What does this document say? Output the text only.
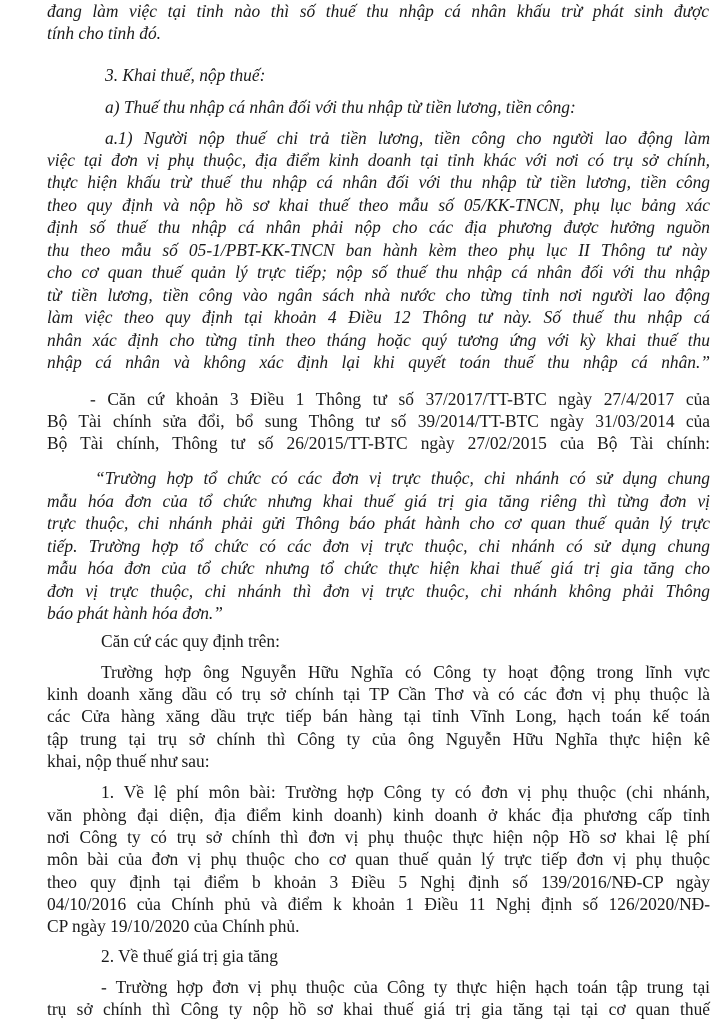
đang làm việc tại tỉnh nào thì số thuế thu nhập cá nhân khấu trừ phát sinh được
tính cho tỉnh đó.
3. Khai thuế, nộp thuế:
a) Thuế thu nhập cá nhân đối với thu nhập từ tiền lương, tiền công:
a.1) Người nộp thuế chi trả tiền lương, tiền công cho người lao động làm
việc tại đơn vị phụ thuộc, địa điểm kinh doanh tại tỉnh khác với nơi có trụ sở chính,
thực hiện khấu trừ thuế thu nhập cá nhân đối với thu nhập từ tiền lương, tiền công
theo quy định và nộp hồ sơ khai thuế theo mẫu số 05/KK-TNCN, phụ lục bảng xác
định số thuế thu nhập cá nhân phải nộp cho các địa phương được hưởng nguồn
thu theo mẫu số 05-1/PBT-KK-TNCN ban hành kèm theo phụ lục II Thông tư này
cho cơ quan thuế quản lý trực tiếp; nộp số thuế thu nhập cá nhân đối với thu nhập
từ tiền lương, tiền công vào ngân sách nhà nước cho từng tỉnh nơi người lao động
làm việc theo quy định tại khoản 4 Điều 12 Thông tư này. Số thuế thu nhập cá
nhân xác định cho từng tỉnh theo tháng hoặc quý tương ứng với kỳ khai thuế thu
nhập cá nhân và không xác định lại khi quyết toán thuế thu nhập cá nhân.”
- Căn cứ khoản 3 Điều 1 Thông tư số 37/2017/TT-BTC ngày 27/4/2017 của
Bộ Tài chính sửa đổi, bổ sung Thông tư số 39/2014/TT-BTC ngày 31/03/2014 của
Bộ Tài chính, Thông tư số 26/2015/TT-BTC ngày 27/02/2015 của Bộ Tài chính:
“Trường hợp tổ chức có các đơn vị trực thuộc, chi nhánh có sử dụng chung
mẫu hóa đơn của tổ chức nhưng khai thuế giá trị gia tăng riêng thì từng đơn vị
trực thuộc, chi nhánh phải gửi Thông báo phát hành cho cơ quan thuế quản lý trực
tiếp. Trường hợp tổ chức có các đơn vị trực thuộc, chi nhánh có sử dụng chung
mẫu hóa đơn của tổ chức nhưng tổ chức thực hiện khai thuế giá trị gia tăng cho
đơn vị trực thuộc, chi nhánh thì đơn vị trực thuộc, chi nhánh không phải Thông
báo phát hành hóa đơn.”
Căn cứ các quy định trên:
Trường hợp ông Nguyễn Hữu Nghĩa có Công ty hoạt động trong lĩnh vực
kinh doanh xăng dầu có trụ sở chính tại TP Cần Thơ và có các đơn vị phụ thuộc là
các Cửa hàng xăng dầu trực tiếp bán hàng tại tỉnh Vĩnh Long, hạch toán kế toán
tập trung tại trụ sở chính thì Công ty của ông Nguyễn Hữu Nghĩa thực hiện kê
khai, nộp thuế như sau:
1. Về lệ phí môn bài: Trường hợp Công ty có đơn vị phụ thuộc (chi nhánh,
văn phòng đại diện, địa điểm kinh doanh) kinh doanh ở khác địa phương cấp tỉnh
nơi Công ty có trụ sở chính thì đơn vị phụ thuộc thực hiện nộp Hồ sơ khai lệ phí
môn bài của đơn vị phụ thuộc cho cơ quan thuế quản lý trực tiếp đơn vị phụ thuộc
theo quy định tại điểm b khoản 3 Điều 5 Nghị định số 139/2016/NĐ-CP ngày
04/10/2016 của Chính phủ và điểm k khoản 1 Điều 11 Nghị định số 126/2020/NĐ-
CP ngày 19/10/2020 của Chính phủ.
2. Về thuế giá trị gia tăng
- Trường hợp đơn vị phụ thuộc của Công ty thực hiện hạch toán tập trung tại
trụ sở chính thì Công ty nộp hồ sơ khai thuế giá trị gia tăng tại tại cơ quan thuế
